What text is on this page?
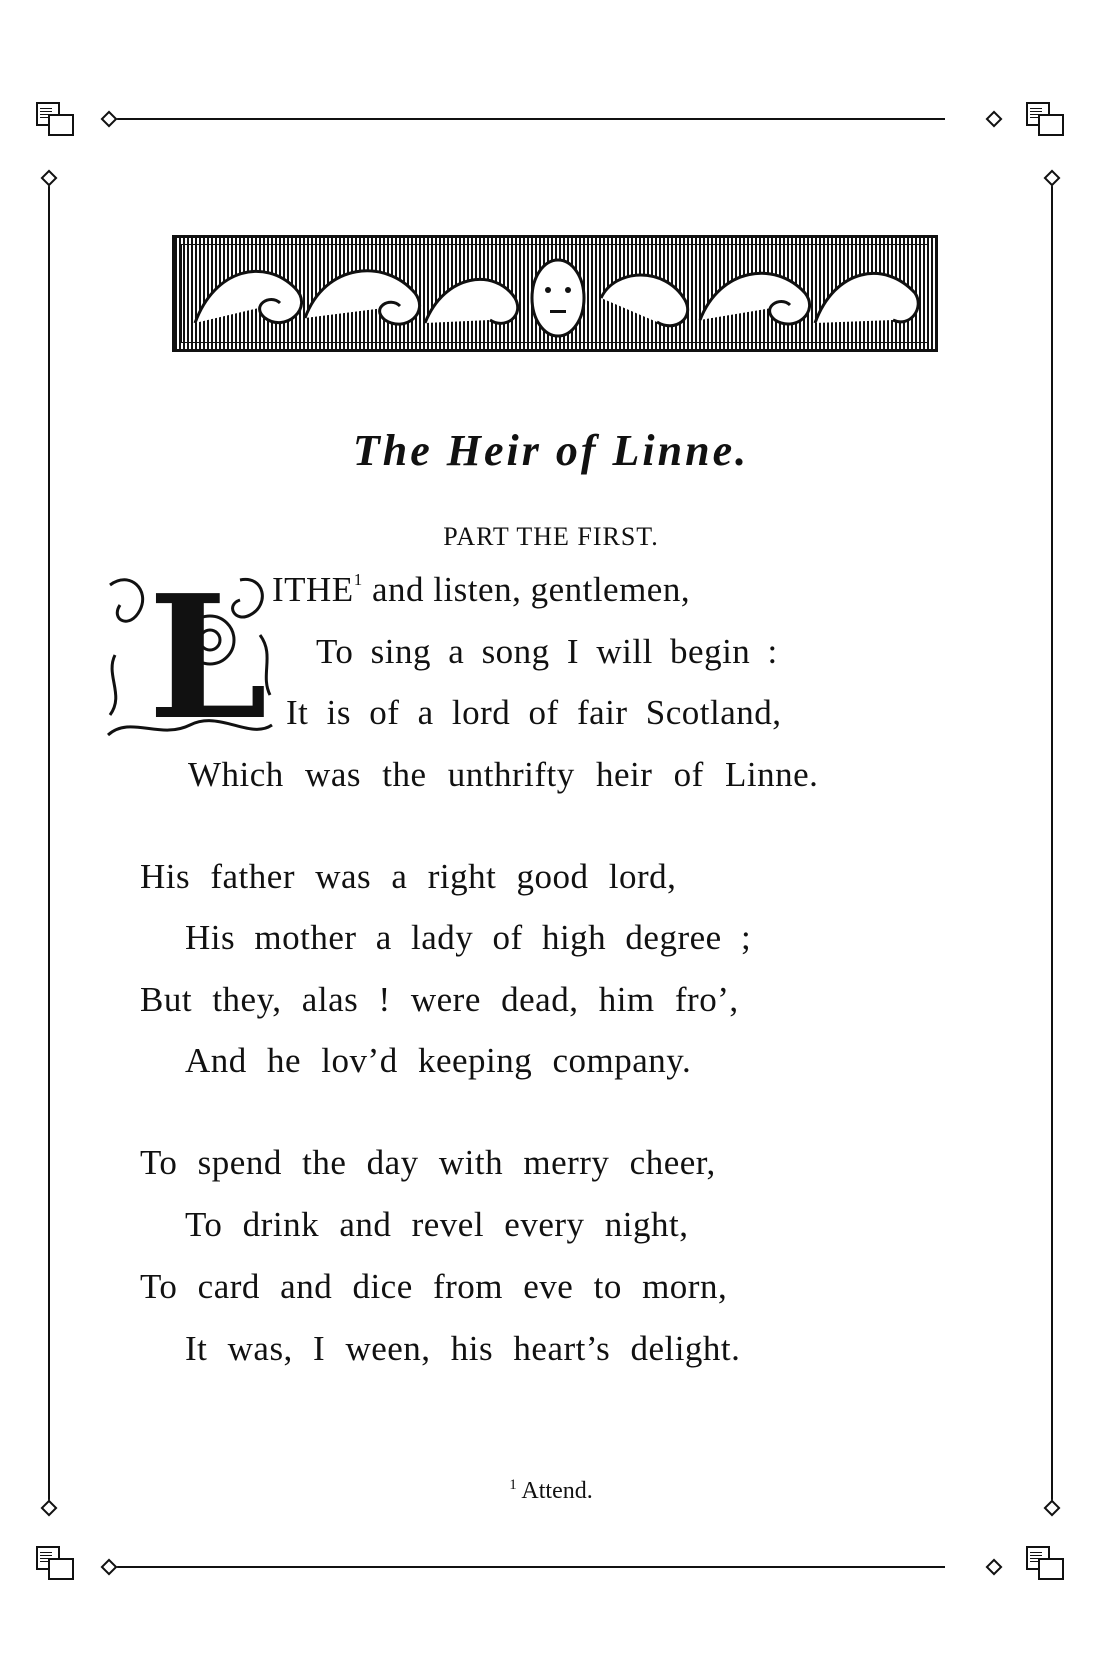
The Heir of Linne.
PART THE FIRST.
L ITHE$^1$ and listen, gentlemen,
To sing a song I will begin :
It is of a lord of fair Scotland,
Which was the unthrifty heir of Linne.
His father was a right good lord,
His mother a lady of high degree ;
But they, alas ! were dead, him fro’,
And he lov’d keeping company.
To spend the day with merry cheer,
To drink and revel every night,
To card and dice from eve to morn,
It was, I ween, his heart’s delight.
$^1$ Attend.
